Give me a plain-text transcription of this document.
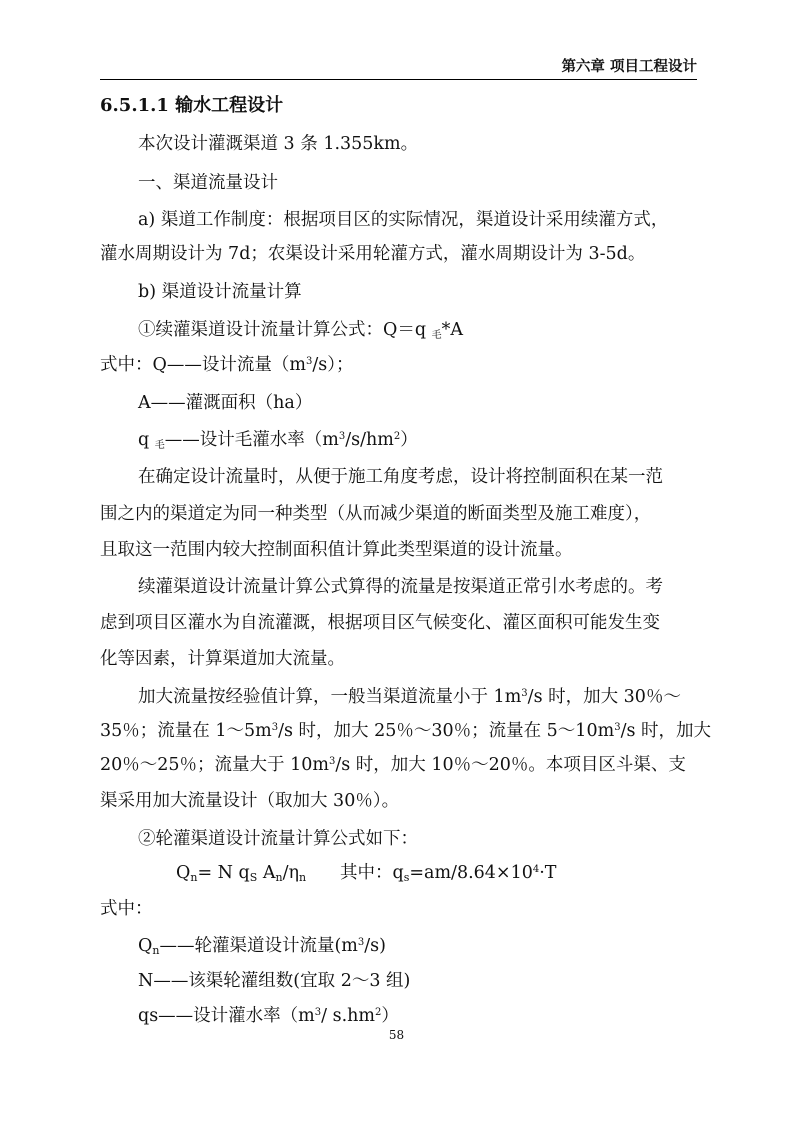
第六章 项目工程设计
6.5.1.1 输水工程设计
本次设计灌溉渠道 3 条 1.355km。
一、渠道流量设计
a) 渠道工作制度：根据项目区的实际情况，渠道设计采用续灌方式，
灌水周期设计为 7d；农渠设计采用轮灌方式，灌水周期设计为 3-5d。
b) 渠道设计流量计算
①续灌渠道设计流量计算公式：Q＝q 毛*A
式中：Q——设计流量$(m^3/s)$；
A——灌溉面积（ha）
q 毛——设计毛灌水率$(m^3/s/hm^2)$
在确定设计流量时，从便于施工角度考虑，设计将控制面积在某一范
围之内的渠道定为同一种类型（从而减少渠道的断面类型及施工难度），
且取这一范围内较大控制面积值计算此类型渠道的设计流量。
续灌渠道设计流量计算公式算得的流量是按渠道正常引水考虑的。考
虑到项目区灌水为自流灌溉，根据项目区气候变化、灌区面积可能发生变
化等因素，计算渠道加大流量。
加大流量按经验值计算，一般当渠道流量小于 $1m^3/s$ 时，加大 30％～
35％；流量在 $1\sim 5m^3/s$ 时，加大 25％～30％；流量在 $5\sim 10m^3/s$ 时，加大
20％～25％；流量大于 $10m^3/s$ 时，加大 10％～20％。本项目区斗渠、支
渠采用加大流量设计（取加大 30％）。
②轮灌渠道设计流量计算公式如下：
Qn= N qS An/ηn 其中：$qs=am/8.64\times 10^4\cdot T$
式中：
Qn——轮灌渠道设计流量$(m^3/s)$
N——该渠轮灌组数(宜取 2～3 组)
qs——设计灌水率（$m^3/$ $s.hm^2$）
58
